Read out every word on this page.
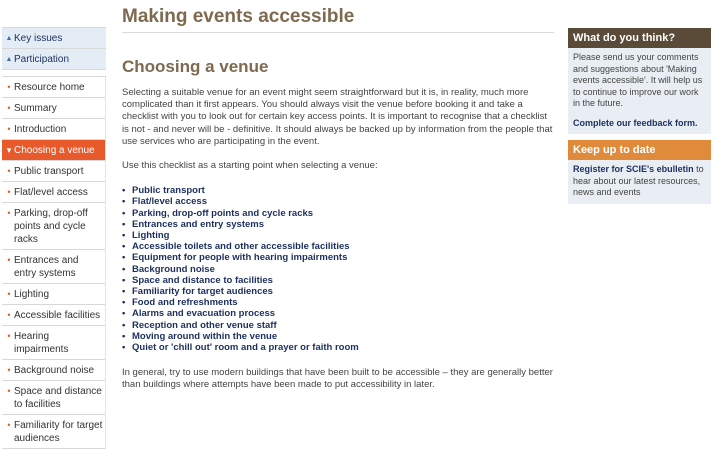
▲ Key issues
▲ Participation
• Resource home
• Summary
• Introduction
▾ Choosing a venue
• Public transport
• Flat/level access
• Parking, drop-off points and cycle racks
• Entrances and entry systems
• Lighting
• Accessible facilities
• Hearing impairments
• Background noise
• Space and distance to facilities
• Familiarity for target audiences
Making events accessible
Choosing a venue

Selecting a suitable venue for an event might seem straightforward but it is, in reality, much more complicated than it first appears. You should always visit the venue before booking it and take a checklist with you to look out for certain key access points. It is important to recognise that a checklist is not - and never will be - definitive. It should always be backed up by information from the people that use services who are participating in the event.

Use this checklist as a starting point when selecting a venue:

• Public transport
• Flat/level access
• Parking, drop-off points and cycle racks
• Entrances and entry systems
• Lighting
• Accessible toilets and other accessible facilities
• Equipment for people with hearing impairments
• Background noise
• Space and distance to facilities
• Familiarity for target audiences
• Food and refreshments
• Alarms and evacuation process
• Reception and other venue staff
• Moving around within the venue
• Quiet or 'chill out' room and a prayer or faith room

In general, try to use modern buildings that have been built to be accessible – they are generally better than buildings where attempts have been made to put accessibility in later.

What do you think?

Please send us your comments and suggestions about 'Making events accessible'. It will help us to continue to improve our work in the future.

Complete our feedback form.

Keep up to date

Register for SCIE's ebulletin to hear about our latest resources, news and events
